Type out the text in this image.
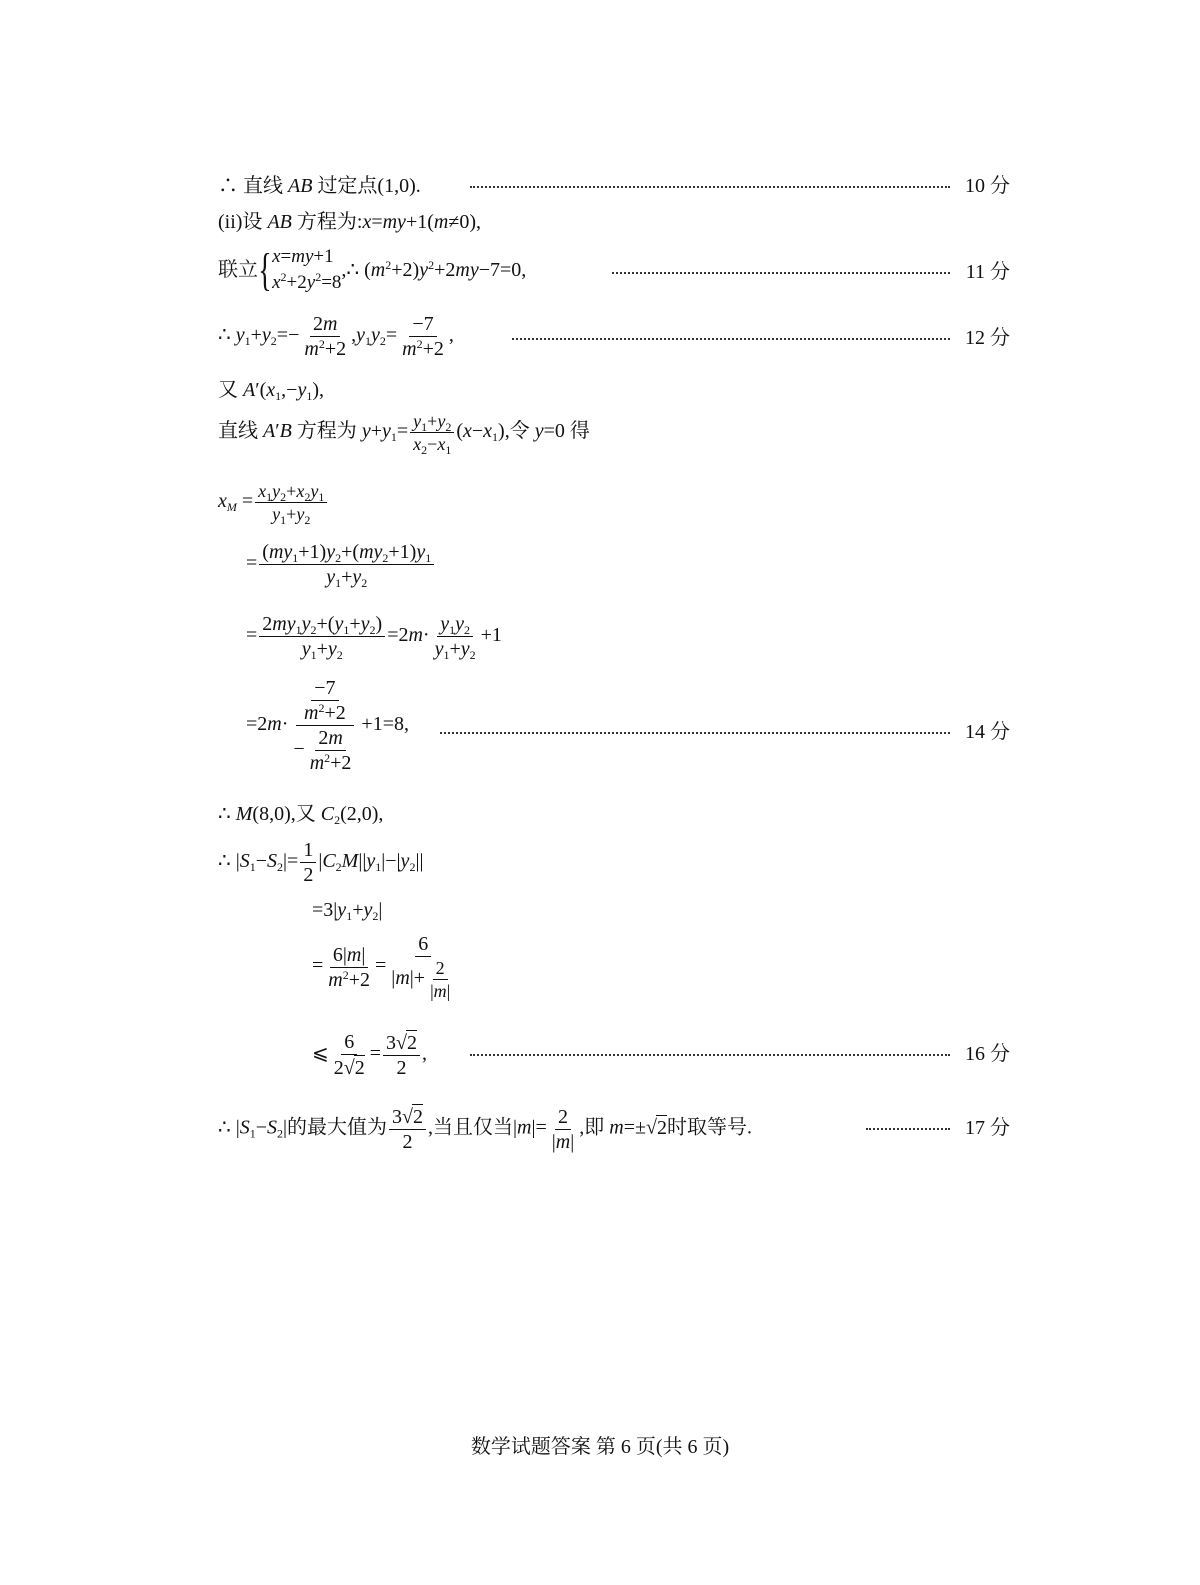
∴ 直线 AB 过定点(1,0).	10 分
(ii)设 AB 方程为:x=my+1(m≠0),
联立{ x=my+1
$x^2+2y^2=8$
,∴ $(m^2+2)y^2+2my-7=0$,	11 分
∴ $y_1+y_2=- \frac{2m}{m^2+2} ,y_1y_2= \frac{-7}{m^2+2}$ ,	12 分
又 $A'(x_1,-y_1)$,
直线 A′B 方程为 $y+y_1= \frac{y_1+y_2}{x_2-x_1} (x-x_1)$,令 y=0 得
$x_M = \frac{x_1y_2+x_2y_1}{y_1+y_2}$
= $\frac{(my_1+1)y_2+(my_2+1)y_1}{y_1+y_2}$
= $\frac{2my_1y_2+(y_1+y_2)}{y_1+y_2} =2m\cdot \frac{y_1y_2}{y_1+y_2} +1$
$=2m\cdot \frac{\frac{-7}{m^2+2}}{- \frac{2m}{m^2+2}} +1=8$,	14 分
∴ M(8,0),又 $C_2(2,0)$,
∴ $|S_1-S_2|= \frac{1}{2} |C_2M||y_1|-|y_2||$
$=3|y_1+y_2|$
= $\frac{6|m|}{m^2+2} = \frac{6}{|m|+ \frac{2}{|m|}}$
⩽ $\frac{6}{2√2} = \frac{3√2}{2}$ ,	16 分
∴ $|S_1-S_2|$的最大值为 $\frac{3√2}{2}$ ,当且仅当$|m|= \frac{2}{|m|}$ ,即 m=±√2时取等号.	17 分
数学试题答案 第 6 页(共 6 页)
